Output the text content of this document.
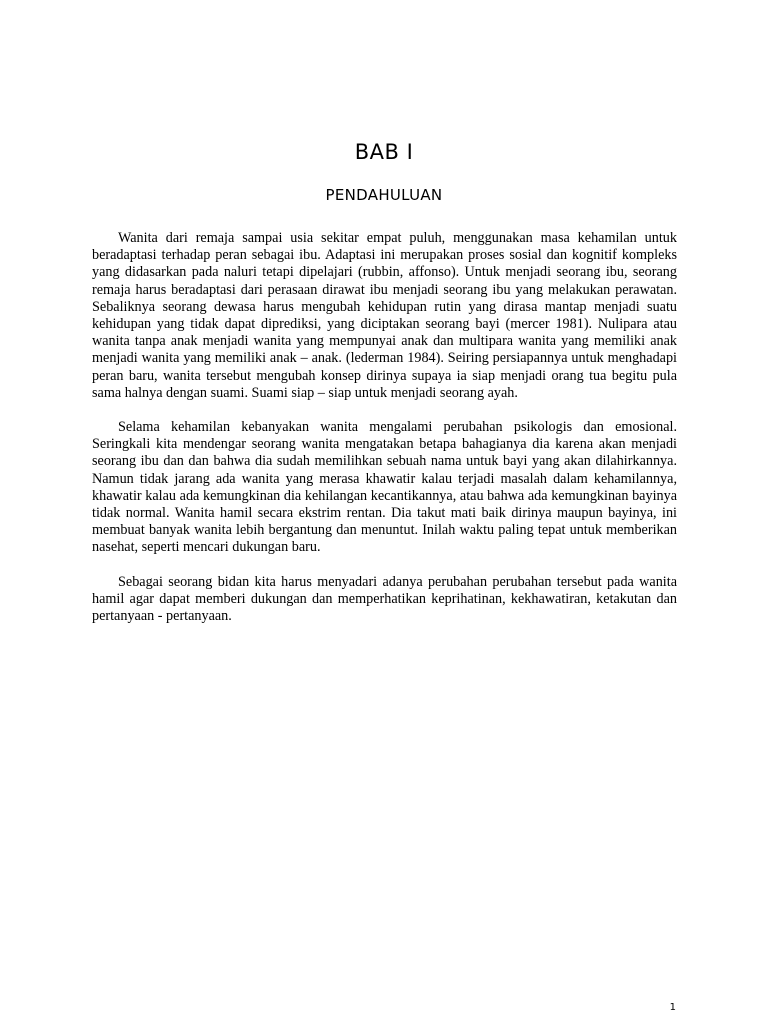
BAB I
PENDAHULUAN

Wanita dari remaja sampai usia sekitar empat puluh, menggunakan masa kehamilan untuk beradaptasi terhadap peran sebagai ibu. Adaptasi ini merupakan proses sosial dan kognitif kompleks yang didasarkan pada naluri tetapi dipelajari (rubbin, affonso). Untuk menjadi seorang ibu, seorang remaja harus beradaptasi dari perasaan dirawat ibu menjadi seorang ibu yang melakukan perawatan. Sebaliknya seorang dewasa harus mengubah kehidupan rutin yang dirasa mantap menjadi suatu kehidupan yang tidak dapat diprediksi, yang diciptakan seorang bayi (mercer 1981). Nulipara atau wanita tanpa anak menjadi wanita yang mempunyai anak dan multipara wanita yang memiliki anak menjadi wanita yang memiliki anak – anak. (lederman 1984). Seiring persiapannya untuk menghadapi peran baru, wanita tersebut mengubah konsep dirinya supaya ia siap menjadi orang tua begitu pula sama halnya dengan suami. Suami siap – siap untuk menjadi seorang ayah.

Selama kehamilan kebanyakan wanita mengalami perubahan psikologis dan emosional. Seringkali kita mendengar seorang wanita mengatakan betapa bahagianya dia karena akan menjadi seorang ibu dan dan bahwa dia sudah memilihkan sebuah nama untuk bayi yang akan dilahirkannya. Namun tidak jarang ada wanita yang merasa khawatir kalau terjadi masalah dalam kehamilannya, khawatir kalau ada kemungkinan dia kehilangan kecantikannya, atau bahwa ada kemungkinan bayinya tidak normal. Wanita hamil secara ekstrim rentan. Dia takut mati baik dirinya maupun bayinya, ini membuat banyak wanita lebih bergantung dan menuntut. Inilah waktu paling tepat untuk memberikan nasehat, seperti mencari dukungan baru.

Sebagai seorang bidan kita harus menyadari adanya perubahan perubahan tersebut pada wanita hamil agar dapat memberi dukungan dan memperhatikan keprihatinan, kekhawatiran, ketakutan dan pertanyaan - pertanyaan.

1
